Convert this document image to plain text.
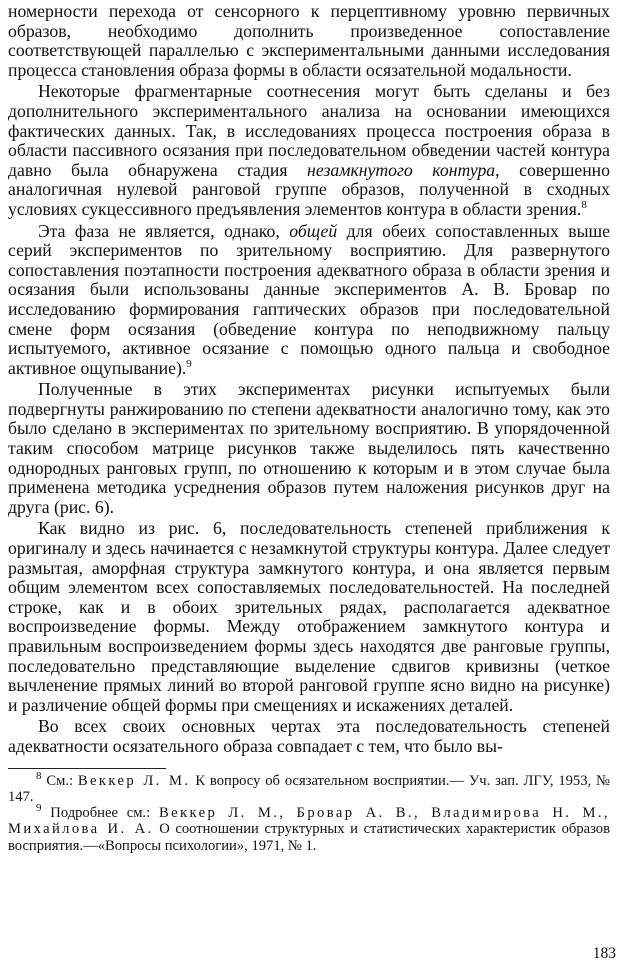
номерности перехода от сенсорного к перцептивному уровню первичных образов, необходимо дополнить произведенное сопоставление соответствующей параллелью с экспериментальными данными исследования процесса становления образа формы в области осязательной модальности.

Некоторые фрагментарные соотнесения могут быть сделаны и без дополнительного экспериментального анализа на основании имеющихся фактических данных. Так, в исследованиях процесса построения образа в области пассивного осязания при последовательном обведении частей контура давно была обнаружена стадия незамкнутого контура, совершенно аналогичная нулевой ранговой группе образов, полученной в сходных условиях сукцессивного предъявления элементов контура в области зрения.$^8$

Эта фаза не является, однако, общей для обеих сопоставленных выше серий экспериментов по зрительному восприятию. Для развернутого сопоставления поэтапности построения адекватного образа в области зрения и осязания были использованы данные экспериментов А. В. Бровар по исследованию формирования гаптических образов при последовательной смене форм осязания (обведение контура по неподвижному пальцу испытуемого, активное осязание с помощью одного пальца и свободное активное ощупывание).$^9$

Полученные в этих экспериментах рисунки испытуемых были подвергнуты ранжированию по степени адекватности аналогично тому, как это было сделано в экспериментах по зрительному восприятию. В упорядоченной таким способом матрице рисунков также выделилось пять качественно однородных ранговых групп, по отношению к которым и в этом случае была применена методика усреднения образов путем наложения рисунков друг на друга (рис. 6).

Как видно из рис. 6, последовательность степеней приближения к оригиналу и здесь начинается с незамкнутой структуры контура. Далее следует размытая, аморфная структура замкнутого контура, и она является первым общим элементом всех сопоставляемых последовательностей. На последней строке, как и в обоих зрительных рядах, располагается адекватное воспроизведение формы. Между отображением замкнутого контура и правильным воспроизведением формы здесь находятся две ранговые группы, последовательно представляющие выделение сдвигов кривизны (четкое вычленение прямых линий во второй ранговой группе ясно видно на рисунке) и различение общей формы при смещениях и искажениях деталей.

Во всех своих основных чертах эта последовательность степеней адекватности осязательного образа совпадает с тем, что было вы-

$^8$ См.: Веккер Л. М. К вопросу об осязательном восприятии.— Уч. зап. ЛГУ, 1953, № 147.

$^9$ Подробнее см.: Веккер Л. М., Бровар А. В., Владимирова Н. М., Михайлова И. А. О соотношении структурных и статистических характеристик образов восприятия.—«Вопросы психологии», 1971, № 1.

183
